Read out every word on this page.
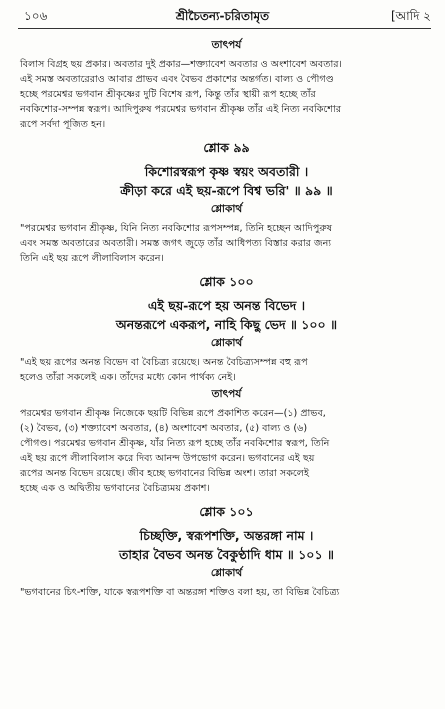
১০৬	শ্রীচৈতন্য-চরিতামৃত	[আদি ২
তাৎপর্য

বিলাস বিগ্রহ ছয় প্রকার। অবতার দুই প্রকার—শক্ত্যাবেশ অবতার ও অংশাবেশ অবতার।

এই সমস্ত অবতারেরাও আবার প্রাভব এবং বৈভব প্রকাশের অন্তর্গত। বাল্য ও পৌগণ্ড

হচ্ছে পরমেশ্বর ভগবান শ্রীকৃষ্ণের দুটি বিশেষ রূপ, কিন্তু তাঁর স্থায়ী রূপ হচ্ছে তাঁর

নবকিশোর-সম্পন্ন স্বরূপ। আদিপুরুষ পরমেশ্বর ভগবান শ্রীকৃষ্ণ তাঁর এই নিত্য নবকিশোর

রূপে সর্বদা পূজিত হন।

শ্লোক ৯৯
কিশোরস্বরূপ কৃষ্ণ স্বয়ং অবতারী ।
ক্রীড়া করে এই ছয়-রূপে বিশ্ব ভরি' ॥ ৯৯ ॥
শ্লোকার্থ

"পরমেশ্বর ভগবান শ্রীকৃষ্ণ, যিনি নিত্য নবকিশোর রূপসম্পন্ন, তিনি হচ্ছেন আদিপুরুষ

এবং সমস্ত অবতারের অবতারী। সমস্ত জগৎ জুড়ে তাঁর আধিপত্য বিস্তার করার জন্য

তিনি এই ছয় রূপে লীলাবিলাস করেন।

শ্লোক ১০০
এই ছয়-রূপে হয় অনন্ত বিভেদ ।
অনন্তরূপে একরূপ, নাহি কিছু ভেদ ॥ ১০০ ॥
শ্লোকার্থ

"এই ছয় রূপের অনন্ত বিভেদ বা বৈচিত্র্য রয়েছে। অনন্ত বৈচিত্র্যসম্পন্ন বহু রূপ

হলেও তাঁরা সকলেই এক। তাঁদের মধ্যে কোন পার্থক্য নেই।

তাৎপর্য

পরমেশ্বর ভগবান শ্রীকৃষ্ণ নিজেকে ছয়টি বিভিন্ন রূপে প্রকাশিত করেন—(১) প্রাভব,

(২) বৈভব, (৩) শক্ত্যাবেশ অবতার, (৪) অংশাবেশ অবতার, (৫) বাল্য ও (৬)

পৌগণ্ড। পরমেশ্বর ভগবান শ্রীকৃষ্ণ, যাঁর নিত্য রূপ হচ্ছে তাঁর নবকিশোর স্বরূপ, তিনি

এই ছয় রূপে লীলাবিলাস করে দিব্য আনন্দ উপভোগ করেন। ভগবানের এই ছয়

রূপের অনন্ত বিভেদ রয়েছে। জীব হচ্ছে ভগবানের বিভিন্ন অংশ। তারা সকলেই

হচ্ছে এক ও অদ্বিতীয় ভগবানের বৈচিত্র্যময় প্রকাশ।

শ্লোক ১০১
চিচ্ছক্তি, স্বরূপশক্তি, অন্তরঙ্গা নাম ।
তাহার বৈভব অনন্ত বৈকুণ্ঠাদি ধাম ॥ ১০১ ॥
শ্লোকার্থ

"ভগবানের চিৎ-শক্তি, যাকে স্বরূপশক্তি বা অন্তরঙ্গা শক্তিও বলা হয়, তা বিভিন্ন বৈচিত্র্য
